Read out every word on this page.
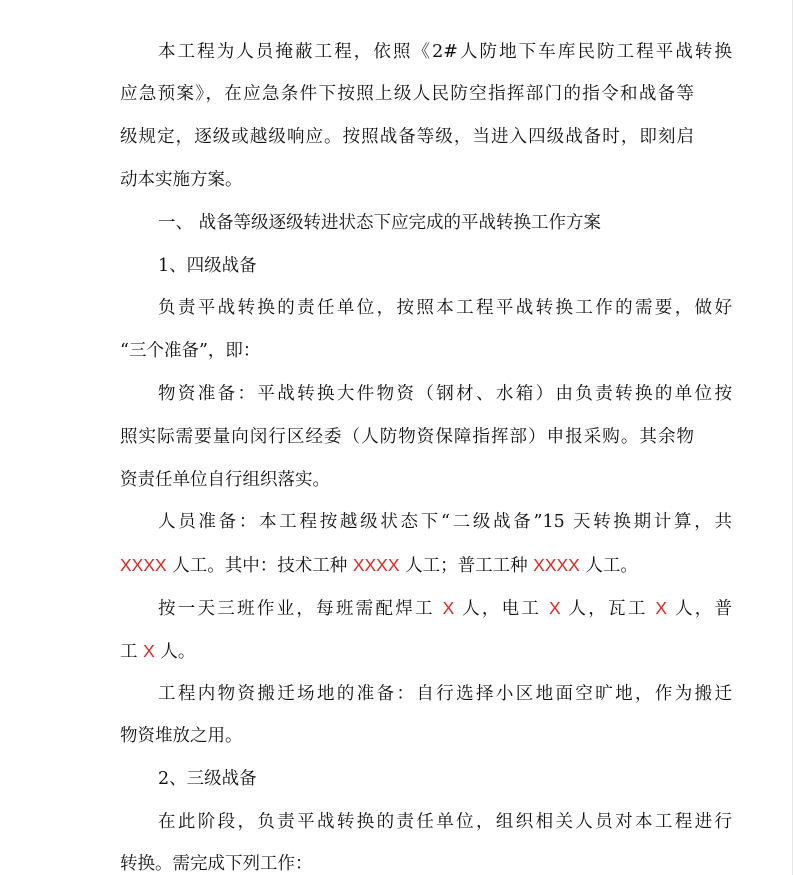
本工程为人员掩蔽工程，依照《2#人防地下车库民防工程平战转换
应急预案》，在应急条件下按照上级人民防空指挥部门的指令和战备等
级规定，逐级或越级响应。按照战备等级，当进入四级战备时，即刻启
动本实施方案。
一、 战备等级逐级转进状态下应完成的平战转换工作方案
1、四级战备
负责平战转换的责任单位，按照本工程平战转换工作的需要，做好
“三个准备”，即：
物资准备：平战转换大件物资（钢材、水箱）由负责转换的单位按
照实际需要量向闵行区经委（人防物资保障指挥部）申报采购。其余物
资责任单位自行组织落实。
人员准备：本工程按越级状态下“二级战备”15 天转换期计算，共
XXXX 人工。其中：技术工种 XXXX 人工；普工工种 XXXX 人工。
按一天三班作业，每班需配焊工 X 人，电工 X 人，瓦工 X 人，普
工 X 人。
工程内物资搬迁场地的准备：自行选择小区地面空旷地，作为搬迁
物资堆放之用。
2、三级战备
在此阶段，负责平战转换的责任单位，组织相关人员对本工程进行
转换。需完成下列工作：
